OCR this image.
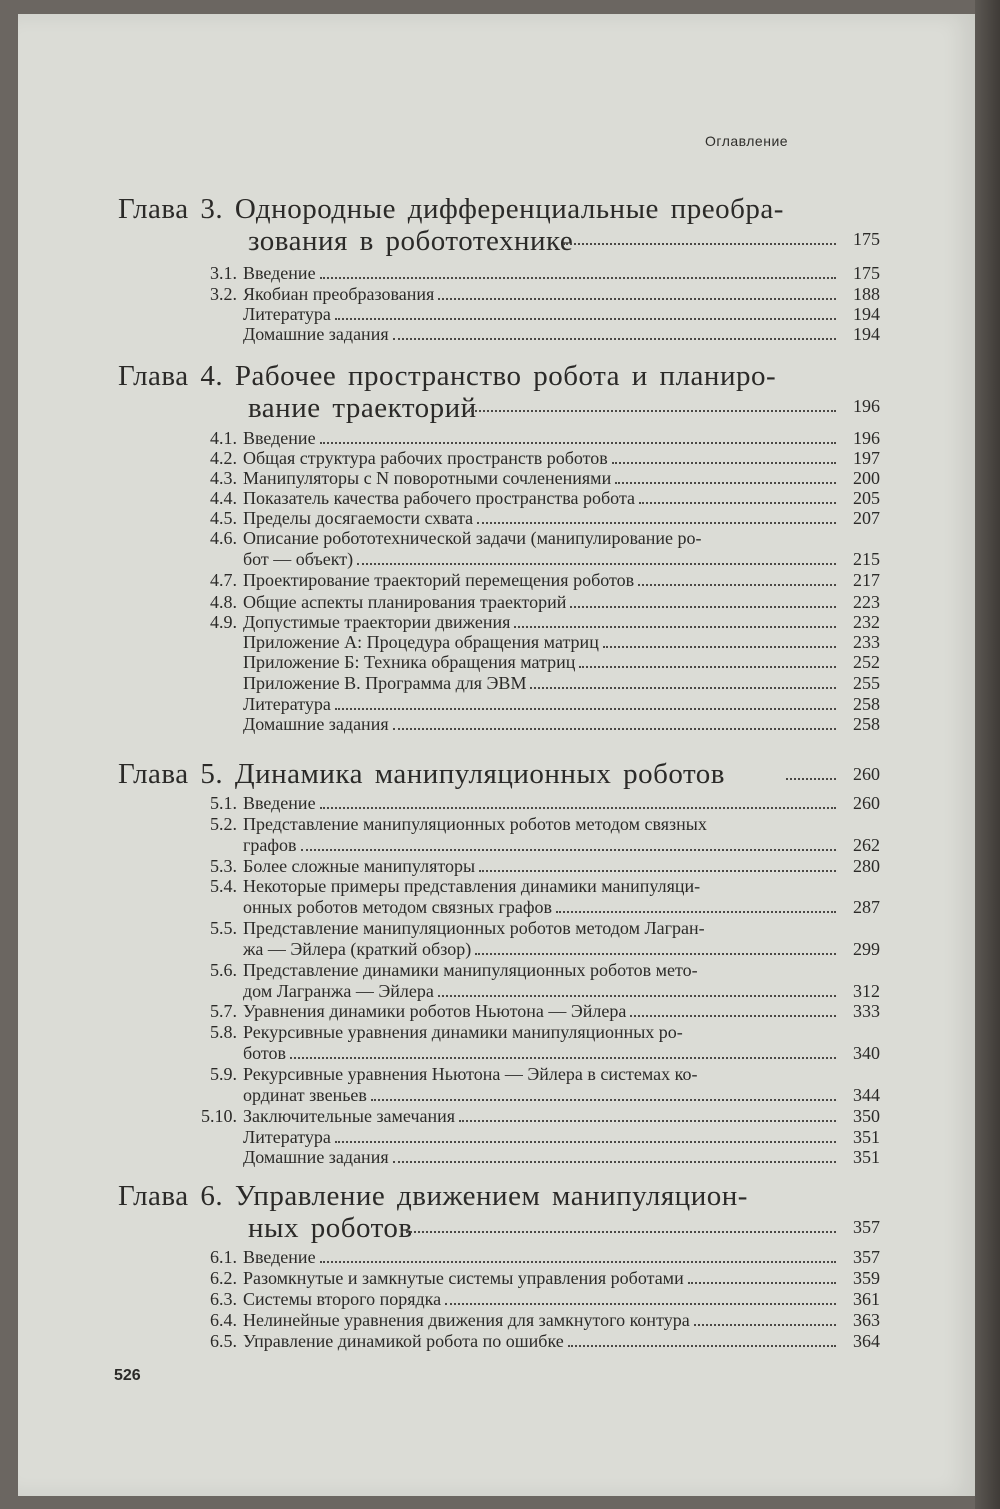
Оглавление
Глава 3. Однородные дифференциальные преобра-
зования в робототехнике	175
3.1. Введение	175
3.2. Якобиан преобразования	188
Литература	194
Домашние задания	194
Глава 4. Рабочее пространство робота и планиро-
вание траекторий	196
4.1. Введение	196
4.2. Общая структура рабочих пространств роботов	197
4.3. Манипуляторы с N поворотными сочленениями	200
4.4. Показатель качества рабочего пространства робота	205
4.5. Пределы досягаемости схвата	207
4.6. Описание робототехнической задачи (манипулирование ро-
бот — объект)	215
4.7. Проектирование траекторий перемещения роботов	217
4.8. Общие аспекты планирования траекторий	223
4.9. Допустимые траектории движения	232
Приложение А: Процедура обращения матриц	233
Приложение Б: Техника обращения матриц	252
Приложение В. Программа для ЭВМ	255
Литература	258
Домашние задания	258
Глава 5. Динамика манипуляционных роботов	260
5.1. Введение	260
5.2. Представление манипуляционных роботов методом связных
графов	262
5.3. Более сложные манипуляторы	280
5.4. Некоторые примеры представления динамики манипуляци-
онных роботов методом связных графов	287
5.5. Представление манипуляционных роботов методом Лагран-
жа — Эйлера (краткий обзор)	299
5.6. Представление динамики манипуляционных роботов мето-
дом Лагранжа — Эйлера	312
5.7. Уравнения динамики роботов Ньютона — Эйлера	333
5.8. Рекурсивные уравнения динамики манипуляционных ро-
ботов	340
5.9. Рекурсивные уравнения Ньютона — Эйлера в системах ко-
ординат звеньев	344
5.10. Заключительные замечания	350
Литература	351
Домашние задания	351
Глава 6. Управление движением манипуляцион-
ных роботов	357
6.1. Введение	357
6.2. Разомкнутые и замкнутые системы управления роботами	359
6.3. Системы второго порядка	361
6.4. Нелинейные уравнения движения для замкнутого контура	363
6.5. Управление динамикой робота по ошибке	364
526
